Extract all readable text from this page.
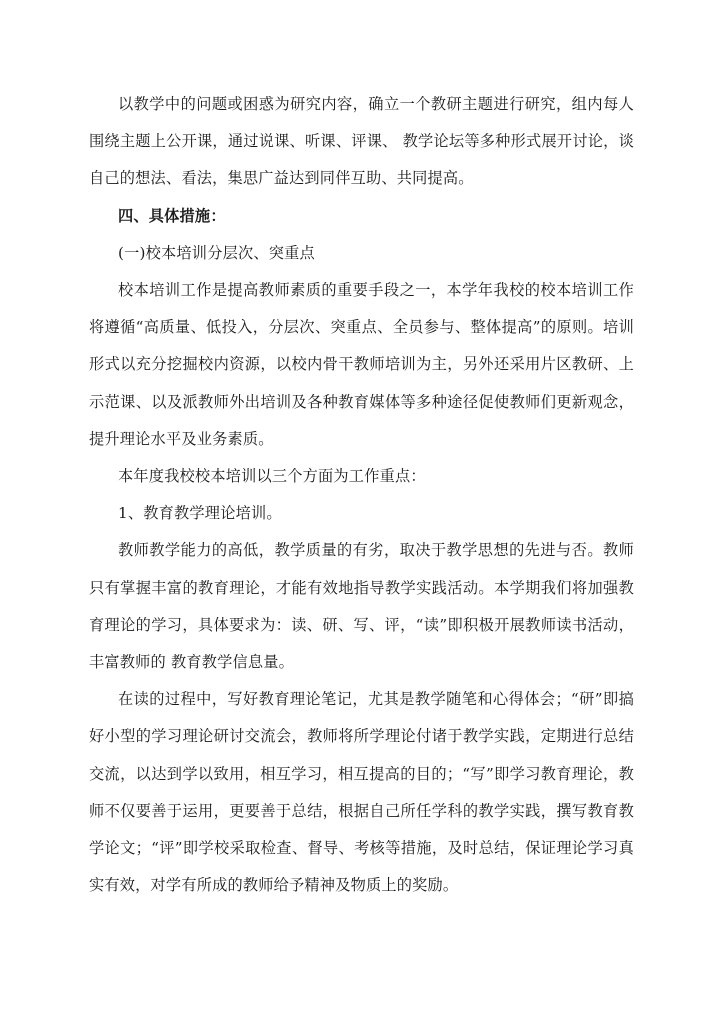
以教学中的问题或困惑为研究内容，确立一个教研主题进行研究，组内每人围绕主题上公开课，通过说课、听课、评课、 教学论坛等多种形式展开讨论，谈自己的想法、看法，集思广益达到同伴互助、共同提高。

四、具体措施：

(一)校本培训分层次、突重点

校本培训工作是提高教师素质的重要手段之一，本学年我校的校本培训工作将遵循“高质量、低投入，分层次、突重点、全员参与、整体提高”的原则。培训形式以充分挖掘校内资源，以校内骨干教师培训为主，另外还采用片区教研、上示范课、以及派教师外出培训及各种教育媒体等多种途径促使教师们更新观念，提升理论水平及业务素质。

本年度我校校本培训以三个方面为工作重点：

1、教育教学理论培训。

教师教学能力的高低，教学质量的有劣，取决于教学思想的先进与否。教师只有掌握丰富的教育理论，才能有效地指导教学实践活动。本学期我们将加强教育理论的学习，具体要求为：读、研、写、评，“读”即积极开展教师读书活动，丰富教师的 教育教学信息量。

在读的过程中，写好教育理论笔记，尤其是教学随笔和心得体会；“研”即搞好小型的学习理论研讨交流会，教师将所学理论付诸于教学实践，定期进行总结交流，以达到学以致用，相互学习，相互提高的目的；“写”即学习教育理论，教师不仅要善于运用，更要善于总结，根据自己所任学科的教学实践，撰写教育教学论文；“评”即学校采取检查、督导、考核等措施，及时总结，保证理论学习真实有效，对学有所成的教师给予精神及物质上的奖励。
